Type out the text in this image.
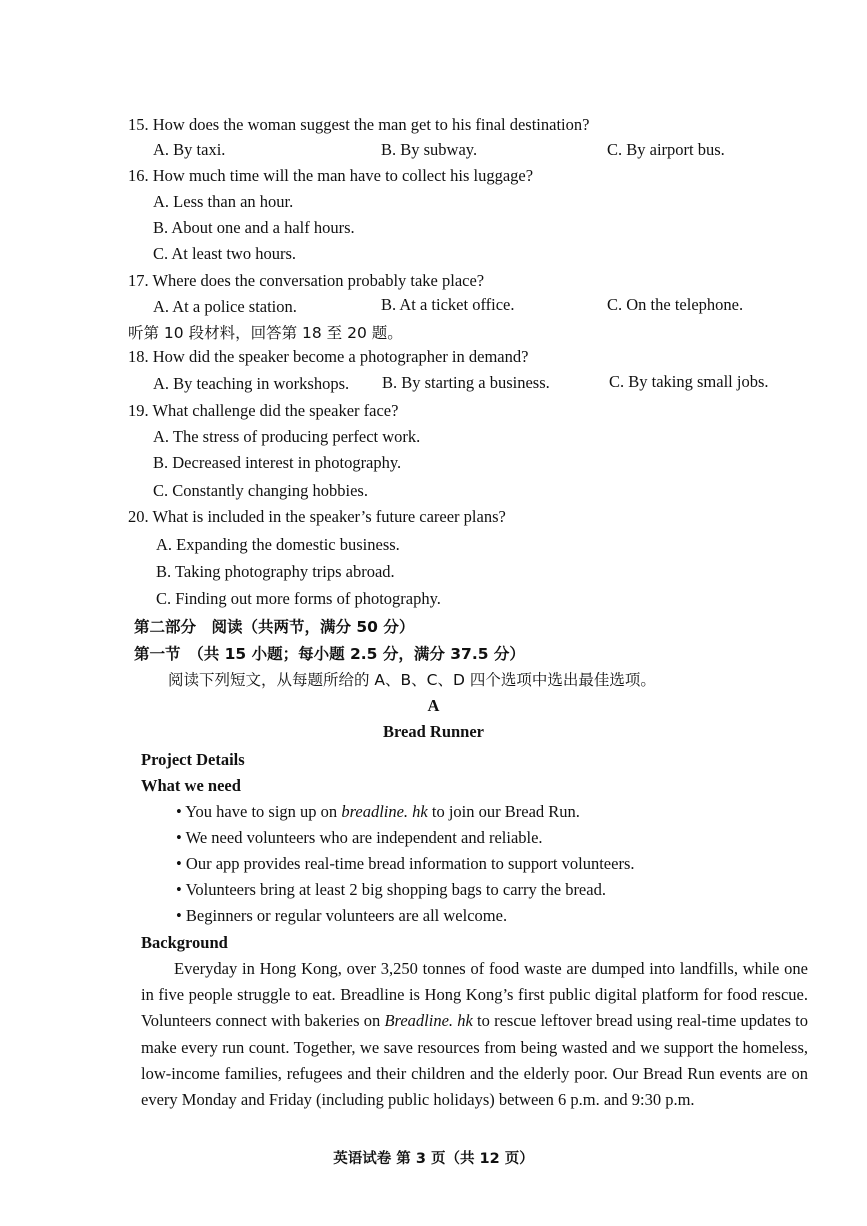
15. How does the woman suggest the man get to his final destination?
A. By taxi.	B. By subway.	C. By airport bus.
16. How much time will the man have to collect his luggage?
A. Less than an hour.
B. About one and a half hours.
C. At least two hours.
17. Where does the conversation probably take place?
A. At a police station.	B. At a ticket office.	C. On the telephone.
听第 10 段材料，回答第 18 至 20 题。
18. How did the speaker become a photographer in demand?
A. By teaching in workshops. B. By starting a business.	C. By taking small jobs.
19. What challenge did the speaker face?
A. The stress of producing perfect work.
B. Decreased interest in photography.
C. Constantly changing hobbies.
20. What is included in the speaker’s future career plans?
A. Expanding the domestic business.
B. Taking photography trips abroad.
C. Finding out more forms of photography.
第二部分　阅读（共两节，满分 50 分）
第一节　（共 15 小题；每小题 2.5 分，满分 37.5 分）
阅读下列短文，从每题所给的 A、B、C、D 四个选项中选出最佳选项。
A
Bread Runner
Project Details
What we need
• You have to sign up on breadline. hk to join our Bread Run.
• We need volunteers who are independent and reliable.
• Our app provides real-time bread information to support volunteers.
• Volunteers bring at least 2 big shopping bags to carry the bread.
• Beginners or regular volunteers are all welcome.
Background
Everyday in Hong Kong, over 3,250 tonnes of food waste are dumped into landfills, while one in five people struggle to eat. Breadline is Hong Kong’s first public digital platform for food rescue. Volunteers connect with bakeries on Breadline. hk to rescue leftover bread using real-time updates to make every run count. Together, we save resources from being wasted and we support the homeless, low-income families, refugees and their children and the elderly poor. Our Bread Run events are on every Monday and Friday (including public holidays) between 6 p.m. and 9:30 p.m.
英语试卷 第 3 页（共 12 页）
